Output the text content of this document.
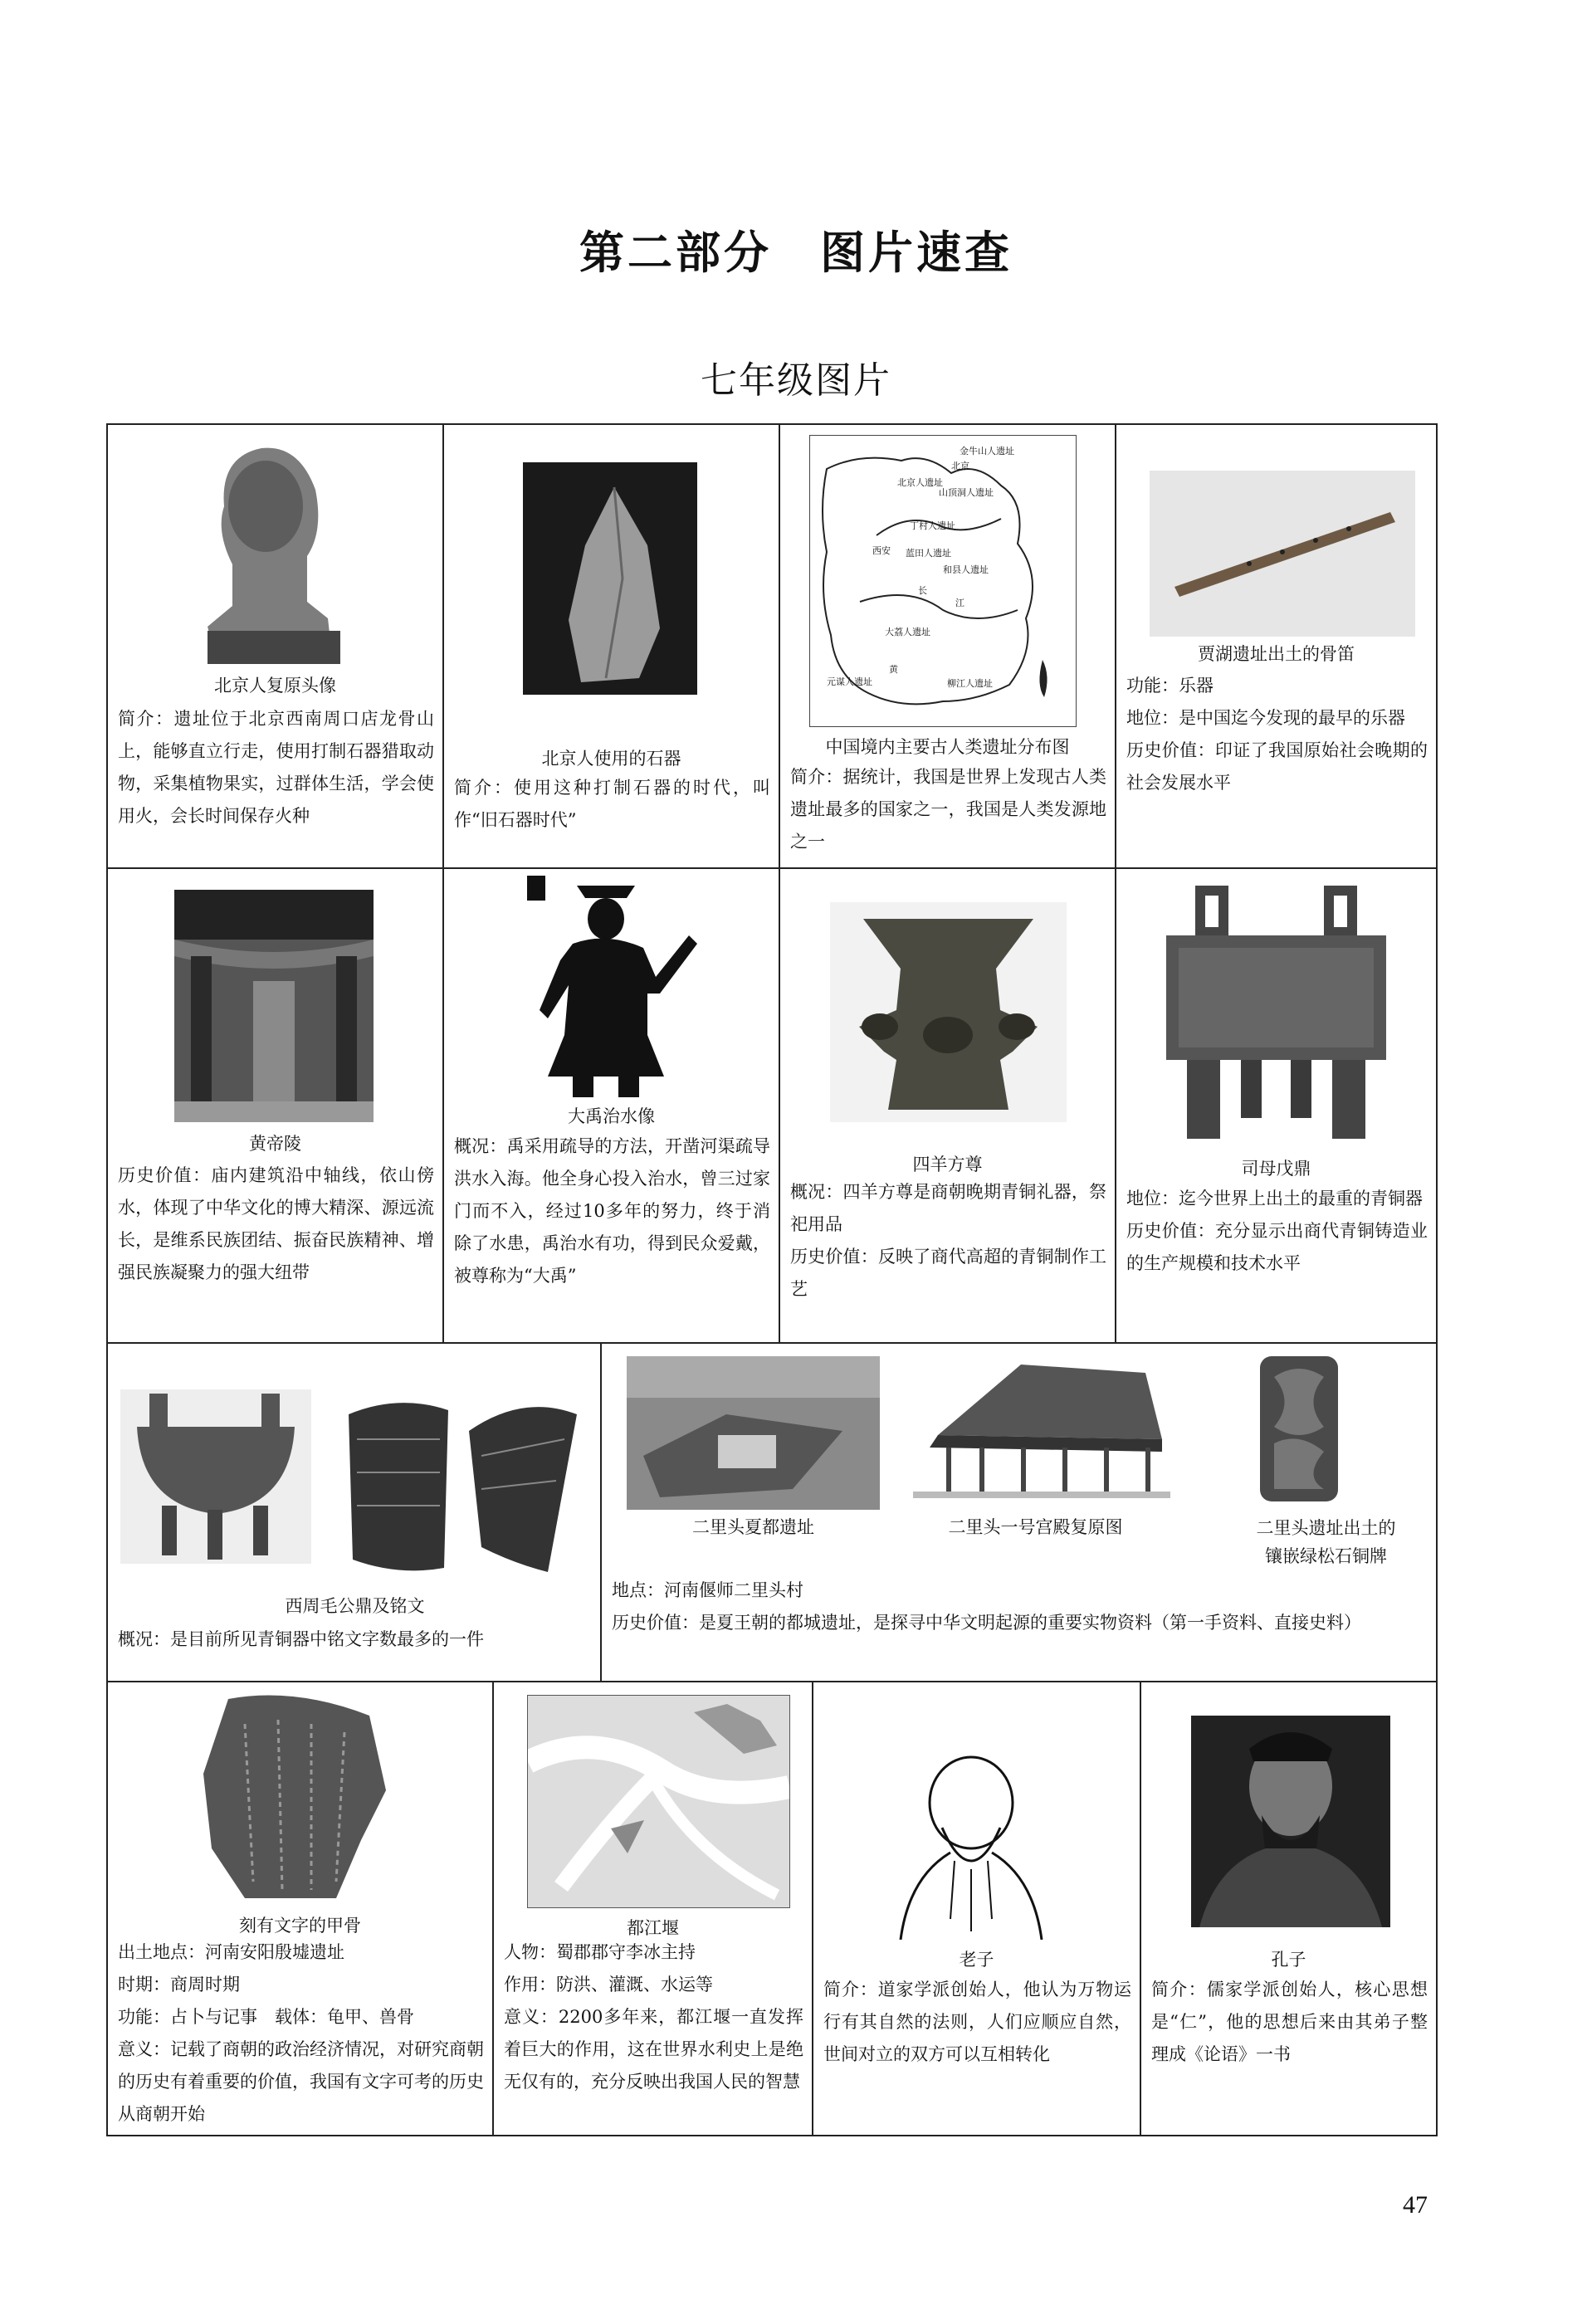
第二部分　图片速查
七年级图片
北京人复原头像

简介：遗址位于北京西南周口店龙骨山上，能够直立行走，使用打制石器猎取动物，采集植物果实，过群体生活，学会使用火，会长时间保存火种

北京人使用的石器

简介：使用这种打制石器的时代，叫作“旧石器时代”

金牛山人遗址
北京
北京人遗址
山顶洞人遗址
丁村人遗址
西安 蓝田人遗址
和县人遗址
长
江
大荔人遗址
元谋人遗址
黄
柳江人遗址
中国境内主要古人类遗址分布图

简介：据统计，我国是世界上发现古人类遗址最多的国家之一，我国是人类发源地之一

贾湖遗址出土的骨笛

功能：乐器

地位：是中国迄今发现的最早的乐器

历史价值：印证了我国原始社会晚期的社会发展水平

黄帝陵

历史价值：庙内建筑沿中轴线，依山傍水，体现了中华文化的博大精深、源远流长，是维系民族团结、振奋民族精神、增强民族凝聚力的强大纽带

大禹治水像

概况：禹采用疏导的方法，开凿河渠疏导洪水入海。他全身心投入治水，曾三过家门而不入，经过10多年的努力，终于消除了水患，禹治水有功，得到民众爱戴，被尊称为“大禹”

四羊方尊

概况：四羊方尊是商朝晚期青铜礼器，祭祀用品

历史价值：反映了商代高超的青铜制作工艺

司母戊鼎

地位：迄今世界上出土的最重的青铜器

历史价值：充分显示出商代青铜铸造业的生产规模和技术水平

西周毛公鼎及铭文

概况：是目前所见青铜器中铭文字数最多的一件

二里头夏都遗址	二里头一号宫殿复原图	二里头遗址出土的
镶嵌绿松石铜牌

地点：河南偃师二里头村

历史价值：是夏王朝的都城遗址，是探寻中华文明起源的重要实物资料（第一手资料、直接史料）

刻有文字的甲骨

出土地点：河南安阳殷墟遗址

时期：商周时期

功能：占卜与记事　载体：龟甲、兽骨

意义：记载了商朝的政治经济情况，对研究商朝的历史有着重要的价值，我国有文字可考的历史从商朝开始

都江堰

人物：蜀郡郡守李冰主持

作用：防洪、灌溉、水运等

意义：2200多年来，都江堰一直发挥着巨大的作用，这在世界水利史上是绝无仅有的，充分反映出我国人民的智慧

老子

简介：道家学派创始人，他认为万物运行有其自然的法则，人们应顺应自然，世间对立的双方可以互相转化

孔子

简介：儒家学派创始人，核心思想是“仁”，他的思想后来由其弟子整理成《论语》一书

47
